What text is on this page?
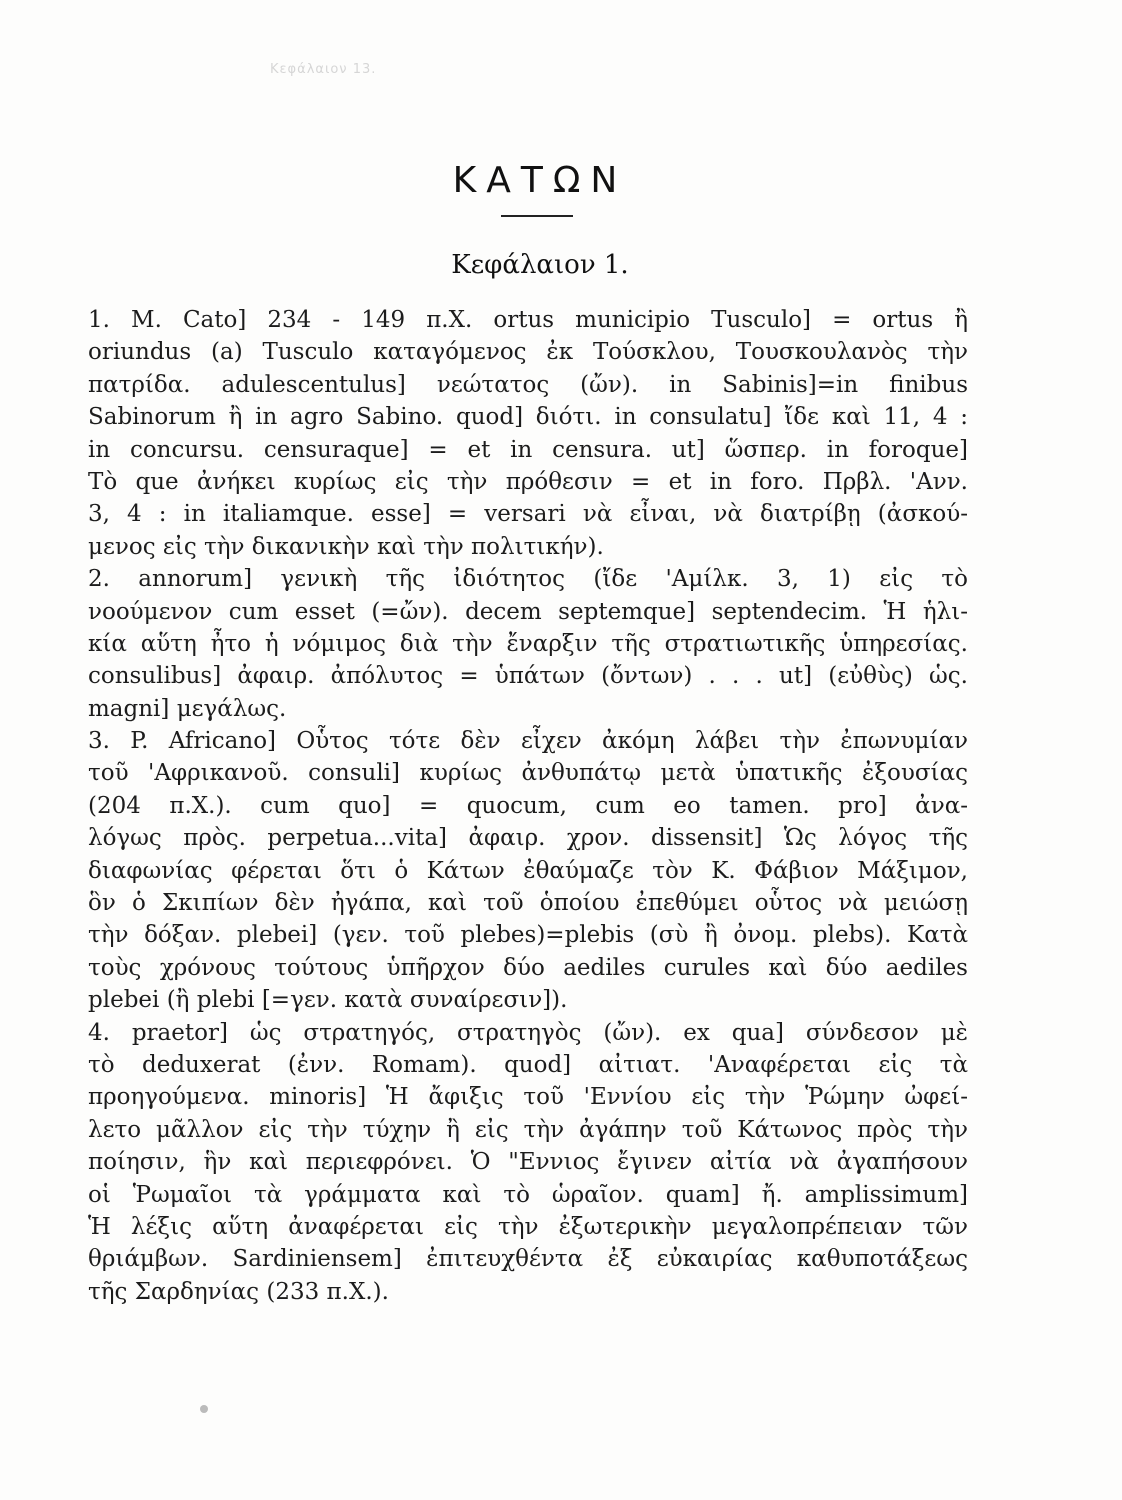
Κεφάλαιον 13.
ΚΑΤΩΝ
Κεφάλαιον 1.
1. M. Cato] 234 - 149 π.Χ. ortus municipio Tusculo] = ortus ἢ
oriundus (a) Tusculo καταγόμενος ἐκ Τούσκλου, Τουσκουλανὸς τὴν
πατρίδα. adulescentulus] νεώτατος (ὤν). in Sabinis]=in finibus
Sabinorum ἢ in agro Sabino. quod] διότι. in consulatu] ἴδε καὶ 11, 4 :
in concursu. censuraque] = et in censura. ut] ὥσπερ. in foroque]
Τὸ que ἀνήκει κυρίως εἰς τὴν πρόθεσιν = et in foro. Πρβλ. 'Ανν.
3, 4 : in italiamque. esse] = versari νὰ εἶναι, νὰ διατρίβῃ (ἀσκού-
μενος εἰς τὴν δικανικὴν καὶ τὴν πολιτικήν).
2. annorum] γενικὴ τῆς ἰδιότητος (ἴδε 'Αμίλκ. 3, 1) εἰς τὸ
νοούμενον cum esset (=ὤν). decem septemque] septendecim. Ἡ ἡλι-
κία αὕτη ἦτο ἡ νόμιμος διὰ τὴν ἔναρξιν τῆς στρατιωτικῆς ὑπηρεσίας.
consulibus] ἀφαιρ. ἀπόλυτος = ὑπάτων (ὄντων) . . . ut] (εὐθὺς) ὡς.
magni] μεγάλως.
3. P. Africano] Οὗτος τότε δὲν εἶχεν ἀκόμη λάβει τὴν ἐπωνυμίαν
τοῦ 'Αφρικανοῦ. consuli] κυρίως ἀνθυπάτῳ μετὰ ὑπατικῆς ἐξουσίας
(204 π.Χ.). cum quo] = quocum, cum eo tamen. pro] ἀνα-
λόγως πρὸς. perpetua...vita] ἀφαιρ. χρον. dissensit] Ὡς λόγος τῆς
διαφωνίας φέρεται ὅτι ὁ Κάτων ἐθαύμαζε τὸν Κ. Φάβιον Μάξιμον,
ὃν ὁ Σκιπίων δὲν ἠγάπα, καὶ τοῦ ὁποίου ἐπεθύμει οὗτος νὰ μειώσῃ
τὴν δόξαν. plebei] (γεν. τοῦ plebes)=plebis (σὺ ἢ ὀνομ. plebs). Κατὰ
τοὺς χρόνους τούτους ὑπῆρχον δύο aediles curules καὶ δύο aediles
plebei (ἢ plebi [=γεν. κατὰ συναίρεσιν]).
4. praetor] ὡς στρατηγός, στρατηγὸς (ὤν). ex qua] σύνδεσον μὲ
τὸ deduxerat (ἐνν. Romam). quod] αἰτιατ. 'Αναφέρεται εἰς τὰ
προηγούμενα. minoris] Ἡ ἄφιξις τοῦ 'Εννίου εἰς τὴν Ῥώμην ὠφεί-
λετο μᾶλλον εἰς τὴν τύχην ἢ εἰς τὴν ἀγάπην τοῦ Κάτωνος πρὸς τὴν
ποίησιν, ἣν καὶ περιεφρόνει. Ὁ "Εννιος ἔγινεν αἰτία νὰ ἀγαπήσουν
οἱ Ῥωμαῖοι τὰ γράμματα καὶ τὸ ὡραῖον. quam] ἤ. amplissimum]
Ἡ λέξις αὕτη ἀναφέρεται εἰς τὴν ἐξωτερικὴν μεγαλοπρέπειαν τῶν
θριάμβων. Sardiniensem] ἐπιτευχθέντα ἐξ εὐκαιρίας καθυποτάξεως
τῆς Σαρδηνίας (233 π.Χ.).
